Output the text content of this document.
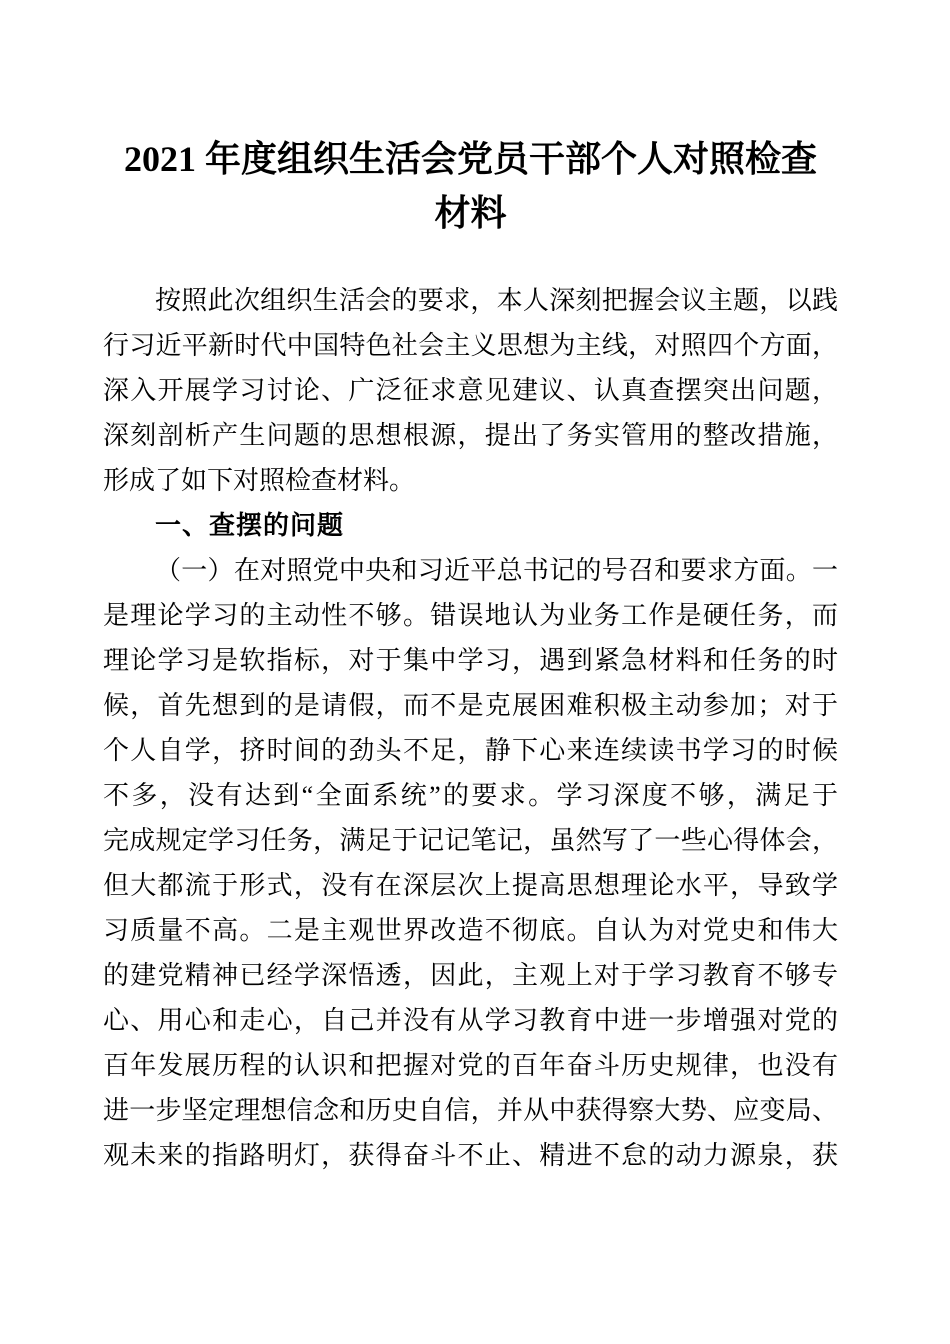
2021 年度组织生活会党员干部个人对照检查
材料
按照此次组织生活会的要求，本人深刻把握会议主题，以践
行习近平新时代中国特色社会主义思想为主线，对照四个方面，
深入开展学习讨论、广泛征求意见建议、认真查摆突出问题，
深刻剖析产生问题的思想根源，提出了务实管用的整改措施，
形成了如下对照检查材料。
一、查摆的问题
（一）在对照党中央和习近平总书记的号召和要求方面。一
是理论学习的主动性不够。错误地认为业务工作是硬任务，而
理论学习是软指标，对于集中学习，遇到紧急材料和任务的时
候，首先想到的是请假，而不是克展困难积极主动参加；对于
个人自学，挤时间的劲头不足，静下心来连续读书学习的时候
不多，没有达到“全面系统”的要求。学习深度不够，满足于
完成规定学习任务，满足于记记笔记，虽然写了一些心得体会，
但大都流于形式，没有在深层次上提高思想理论水平，导致学
习质量不高。二是主观世界改造不彻底。自认为对党史和伟大
的建党精神已经学深悟透，因此，主观上对于学习教育不够专
心、用心和走心，自己并没有从学习教育中进一步增强对党的
百年发展历程的认识和把握对党的百年奋斗历史规律，也没有
进一步坚定理想信念和历史自信，并从中获得察大势、应变局、
观未来的指路明灯，获得奋斗不止、精进不怠的动力源泉，获
